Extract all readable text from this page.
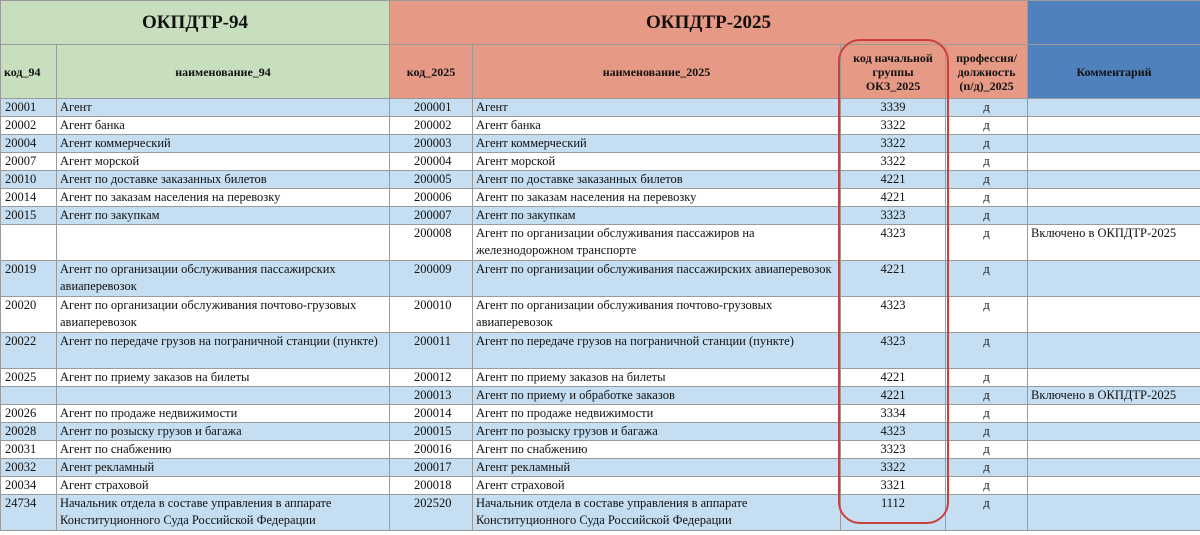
ОКПДТР-94		ОКПДТР-2025				
код_94	наименование_94	код_2025	наименование_2025	код начальной группы ОКЗ_2025	профессия/ должность (п/д)_2025	Комментарий
20001	Агент	200001	Агент	3339	д	
20002	Агент банка	200002	Агент банка	3322	д	
20004	Агент коммерческий	200003	Агент коммерческий	3322	д	
20007	Агент морской	200004	Агент морской	3322	д	
20010	Агент по доставке заказанных билетов	200005	Агент по доставке заказанных билетов	4221	д	
20014	Агент по заказам населения на перевозку	200006	Агент по заказам населения на перевозку	4221	д	
20015	Агент по закупкам	200007	Агент по закупкам	3323	д	
		200008	Агент по организации обслуживания пассажиров на железнодорожном транспорте	4323	д	Включено в ОКПДТР-2025
20019	Агент по организации обслуживания пассажирских авиаперевозок	200009	Агент по организации обслуживания пассажирских авиаперевозок	4221	д	
20020	Агент по организации обслуживания почтово-грузовых авиаперевозок	200010	Агент по организации обслуживания почтово-грузовых авиаперевозок	4323	д	
20022	Агент по передаче грузов на пограничной станции (пункте)	200011	Агент по передаче грузов на пограничной станции (пункте)	4323	д	
20025	Агент по приему заказов на билеты	200012	Агент по приему заказов на билеты	4221	д	
		200013	Агент по приему и обработке заказов	4221	д	Включено в ОКПДТР-2025
20026	Агент по продаже недвижимости	200014	Агент по продаже недвижимости	3334	д	
20028	Агент по розыску грузов и багажа	200015	Агент по розыску грузов и багажа	4323	д	
20031	Агент по снабжению	200016	Агент по снабжению	3323	д	
20032	Агент рекламный	200017	Агент рекламный	3322	д	
20034	Агент страховой	200018	Агент страховой	3321	д	
24734	Начальник отдела в составе управления в аппарате Конституционного Суда Российской Федерации	202520	Начальник отдела в составе управления в аппарате Конституционного Суда Российской Федерации	1112	д	
